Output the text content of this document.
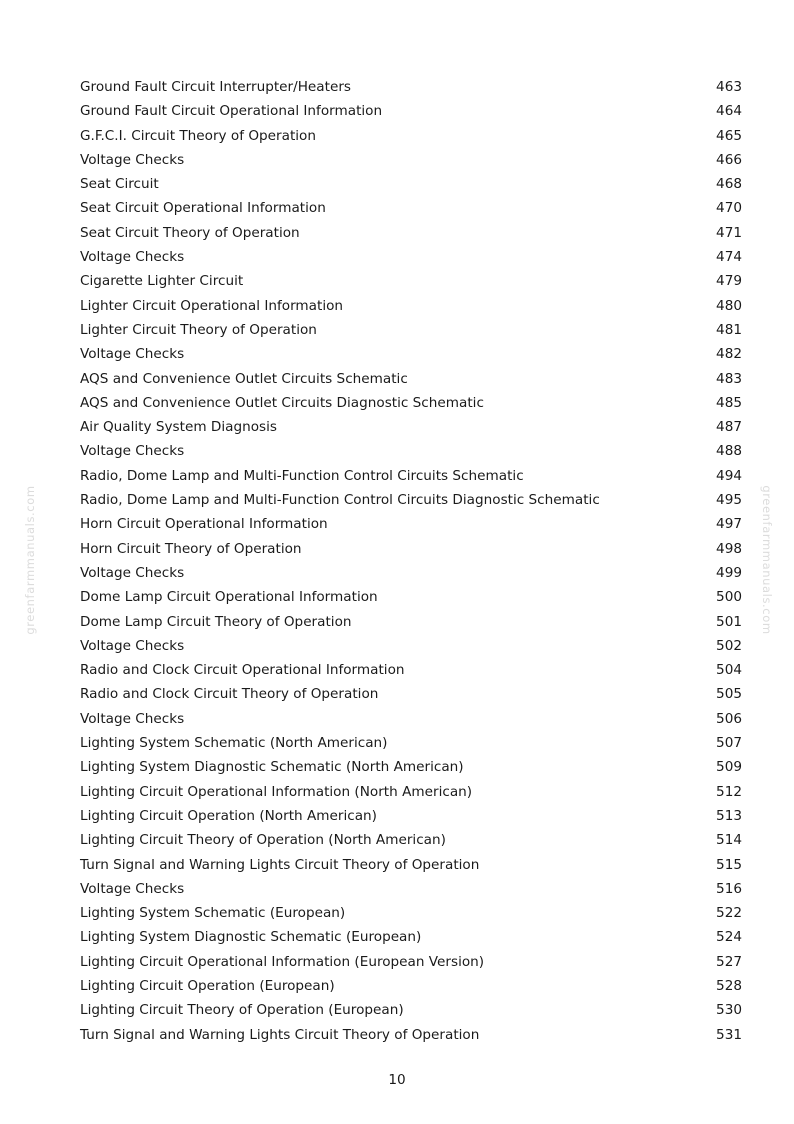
greenfarmmanuals.com	greenfarmmanuals.com
Ground Fault Circuit Interrupter/Heaters	463
Ground Fault Circuit Operational Information	464
G.F.C.I. Circuit Theory of Operation	465
Voltage Checks	466
Seat Circuit	468
Seat Circuit Operational Information	470
Seat Circuit Theory of Operation	471
Voltage Checks	474
Cigarette Lighter Circuit	479
Lighter Circuit Operational Information	480
Lighter Circuit Theory of Operation	481
Voltage Checks	482
AQS and Convenience Outlet Circuits Schematic	483
AQS and Convenience Outlet Circuits Diagnostic Schematic	485
Air Quality System Diagnosis	487
Voltage Checks	488
Radio, Dome Lamp and Multi-Function Control Circuits Schematic	494
Radio, Dome Lamp and Multi-Function Control Circuits Diagnostic Schematic	495
Horn Circuit Operational Information	497
Horn Circuit Theory of Operation	498
Voltage Checks	499
Dome Lamp Circuit Operational Information	500
Dome Lamp Circuit Theory of Operation	501
Voltage Checks	502
Radio and Clock Circuit Operational Information	504
Radio and Clock Circuit Theory of Operation	505
Voltage Checks	506
Lighting System Schematic (North American)	507
Lighting System Diagnostic Schematic (North American)	509
Lighting Circuit Operational Information (North American)	512
Lighting Circuit Operation (North American)	513
Lighting Circuit Theory of Operation (North American)	514
Turn Signal and Warning Lights Circuit Theory of Operation	515
Voltage Checks	516
Lighting System Schematic (European)	522
Lighting System Diagnostic Schematic (European)	524
Lighting Circuit Operational Information (European Version)	527
Lighting Circuit Operation (European)	528
Lighting Circuit Theory of Operation (European)	530
Turn Signal and Warning Lights Circuit Theory of Operation	531
10
